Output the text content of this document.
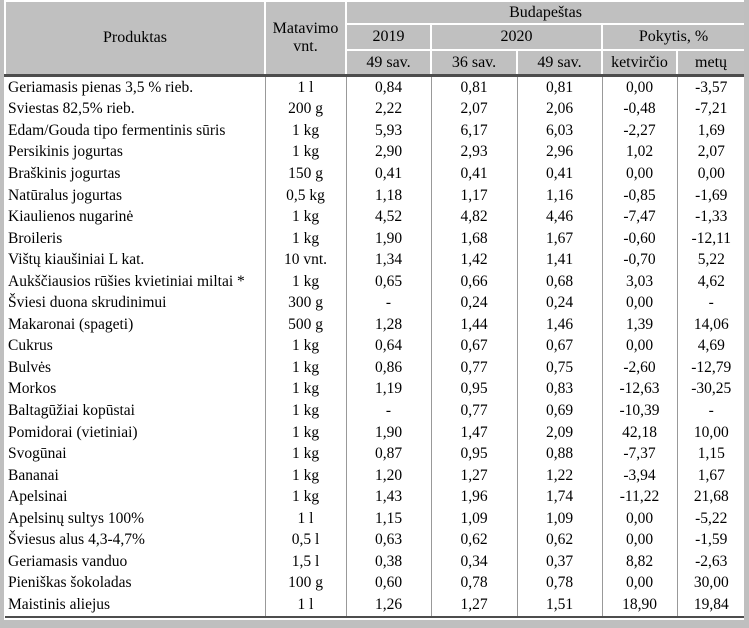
Produktas	Matavimo vnt.	Budapeštas				
		2019	2020		Pokytis, %	
		49 sav.	36 sav.	49 sav.	ketvirčio	metų
Geriamasis pienas 3,5 % rieb.	1 l	0,84	0,81	0,81	0,00	-3,57
Sviestas 82,5% rieb.	200 g	2,22	2,07	2,06	-0,48	-7,21
Edam/Gouda tipo fermentinis sūris	1 kg	5,93	6,17	6,03	-2,27	1,69
Persikinis jogurtas	1 kg	2,90	2,93	2,96	1,02	2,07
Braškinis jogurtas	150 g	0,41	0,41	0,41	0,00	0,00
Natūralus jogurtas	0,5 kg	1,18	1,17	1,16	-0,85	-1,69
Kiaulienos nugarinė	1 kg	4,52	4,82	4,46	-7,47	-1,33
Broileris	1 kg	1,90	1,68	1,67	-0,60	-12,11
Vištų kiaušiniai L kat.	10 vnt.	1,34	1,42	1,41	-0,70	5,22
Aukščiausios rūšies kvietiniai miltai *	1 kg	0,65	0,66	0,68	3,03	4,62
Šviesi duona skrudinimui	300 g	-	0,24	0,24	0,00	-
Makaronai (spageti)	500 g	1,28	1,44	1,46	1,39	14,06
Cukrus	1 kg	0,64	0,67	0,67	0,00	4,69
Bulvės	1 kg	0,86	0,77	0,75	-2,60	-12,79
Morkos	1 kg	1,19	0,95	0,83	-12,63	-30,25
Baltagūžiai kopūstai	1 kg	-	0,77	0,69	-10,39	-
Pomidorai (vietiniai)	1 kg	1,90	1,47	2,09	42,18	10,00
Svogūnai	1 kg	0,87	0,95	0,88	-7,37	1,15
Bananai	1 kg	1,20	1,27	1,22	-3,94	1,67
Apelsinai	1 kg	1,43	1,96	1,74	-11,22	21,68
Apelsinų sultys 100%	1 l	1,15	1,09	1,09	0,00	-5,22
Šviesus alus 4,3-4,7%	0,5 l	0,63	0,62	0,62	0,00	-1,59
Geriamasis vanduo	1,5 l	0,38	0,34	0,37	8,82	-2,63
Pieniškas šokoladas	100 g	0,60	0,78	0,78	0,00	30,00
Maistinis aliejus	1 l	1,26	1,27	1,51	18,90	19,84
